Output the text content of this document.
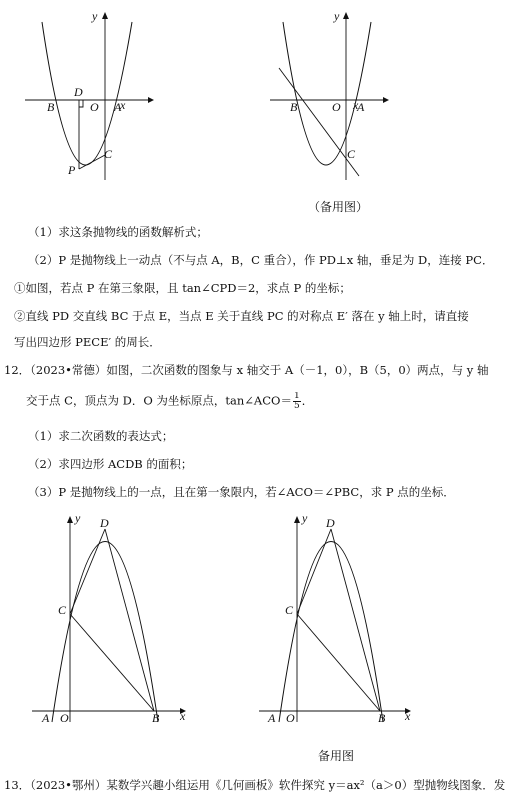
x
y
O A
B
C
D
P
x
y
O A
B
C
（备用图）
（1）求这条抛物线的函数解析式；
（2）P 是抛物线上一动点（不与点 A，B，C 重合），作 PD⊥x 轴，垂足为 D，连接 PC．
①如图，若点 P 在第三象限，且 tan∠CPD＝2，求点 P 的坐标；
②直线 PD 交直线 BC 于点 E，当点 E 关于直线 PC 的对称点 E′ 落在 y 轴上时，请直接
写出四边形 PECE′ 的周长．
12．（2023•常德）如图，二次函数的图象与 x 轴交于 A（－1，0），B（5，0）两点，与 y 轴
交于点 C，顶点为 D．O 为坐标原点，tan∠ACO＝ $\frac{1}{5}$ ．
（1）求二次函数的表达式；
（2）求四边形 ACDB 的面积；
（3）P 是抛物线上的一点，且在第一象限内，若∠ACO＝∠PBC，求 P 点的坐标．
x
y
O
A	B
C
D
x
y
O
A	B
C
D
备用图
13．（2023•鄂州）某数学兴趣小组运用《几何画板》软件探究 y＝ax²（a＞0）型抛物线图象．发
